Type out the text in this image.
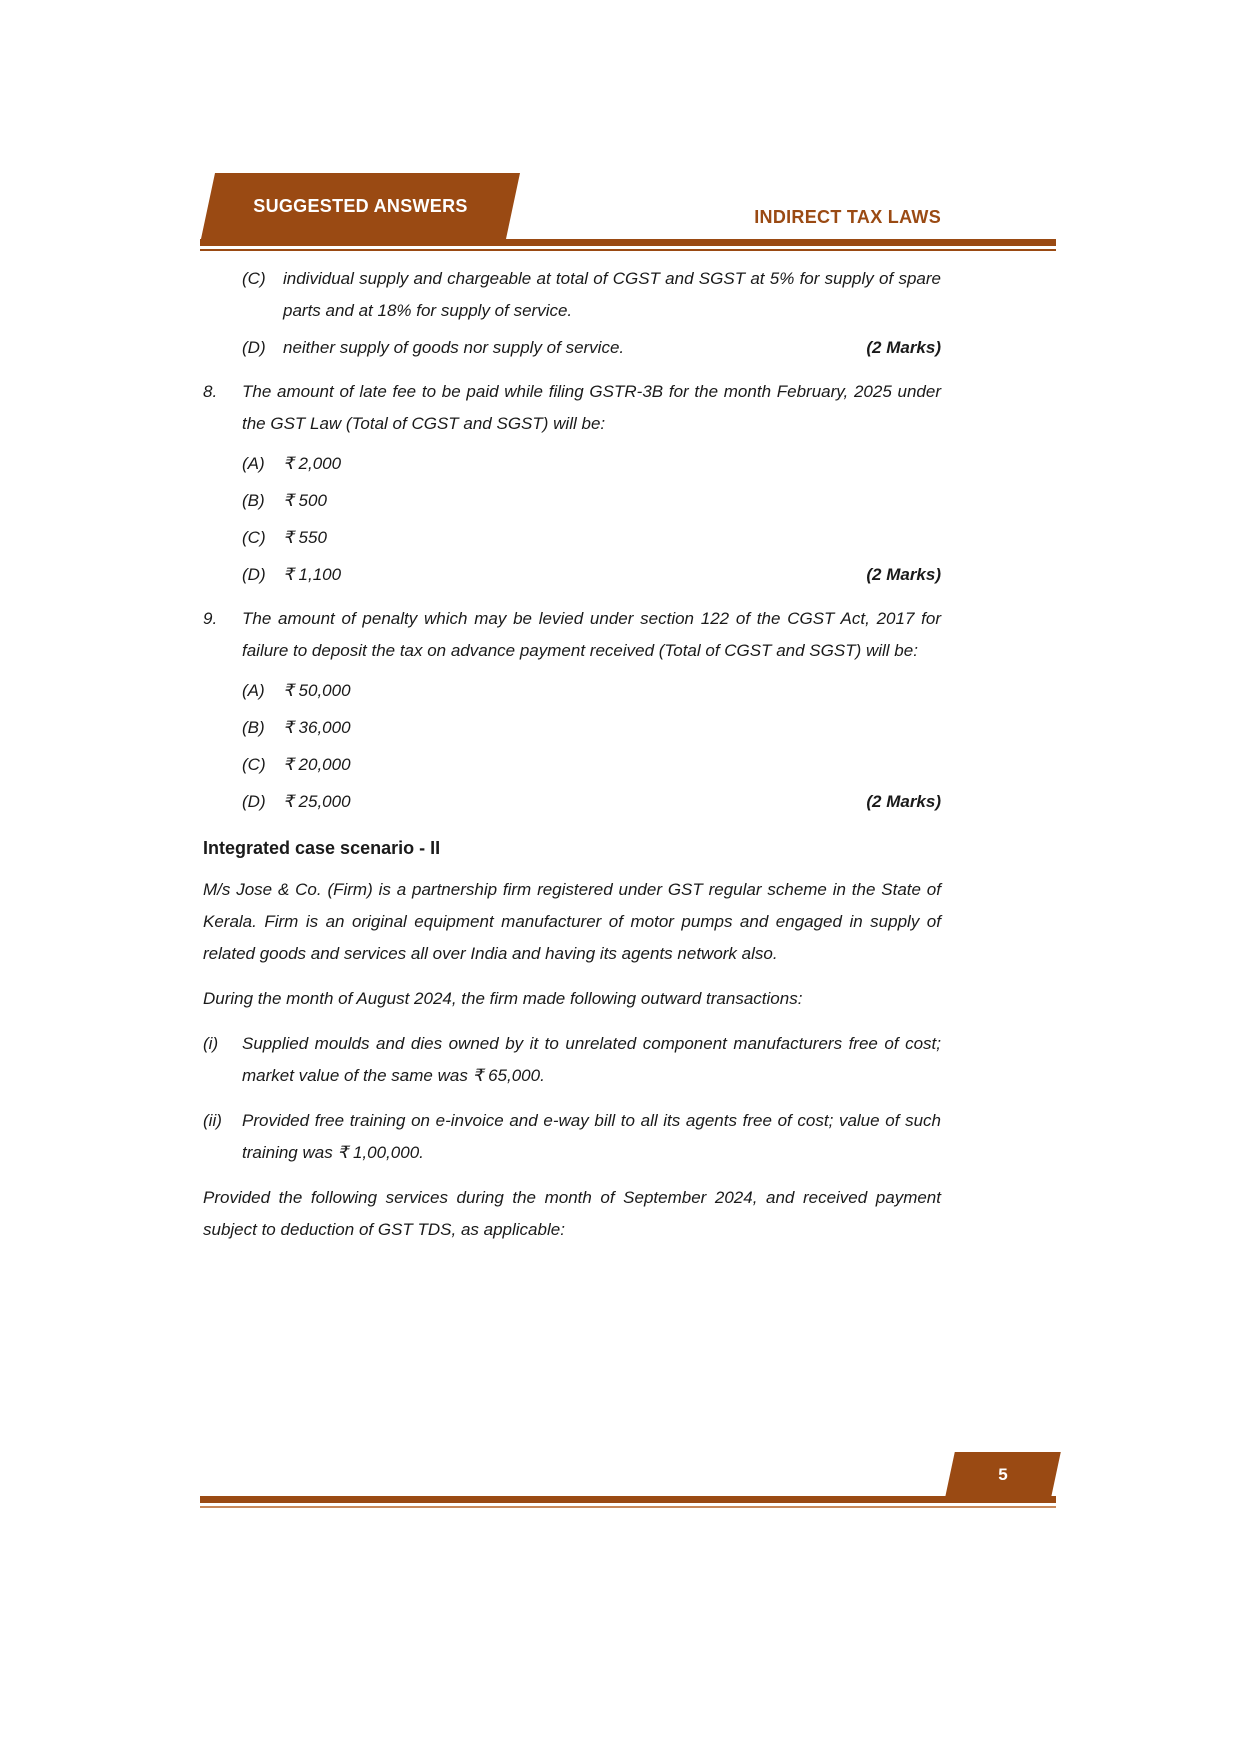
SUGGESTED ANSWERS
INDIRECT TAX LAWS
(C)	individual supply and chargeable at total of CGST and SGST at 5% for supply of spare parts and at 18% for supply of service.
(D)	neither supply of goods nor supply of service.	(2 Marks)
8.	The amount of late fee to be paid while filing GSTR-3B for the month February, 2025 under the GST Law (Total of CGST and SGST) will be:
(A)	₹ 2,000
(B)	₹ 500
(C)	₹ 550
(D)	₹ 1,100	(2 Marks)
9.	The amount of penalty which may be levied under section 122 of the CGST Act, 2017 for failure to deposit the tax on advance payment received (Total of CGST and SGST) will be:
(A)	₹ 50,000
(B)	₹ 36,000
(C)	₹ 20,000
(D)	₹ 25,000	(2 Marks)
Integrated case scenario - II

M/s Jose & Co. (Firm) is a partnership firm registered under GST regular scheme in the State of Kerala. Firm is an original equipment manufacturer of motor pumps and engaged in supply of related goods and services all over India and having its agents network also.

During the month of August 2024, the firm made following outward transactions:

(i)	Supplied moulds and dies owned by it to unrelated component manufacturers free of cost; market value of the same was ₹ 65,000.
(ii)	Provided free training on e-invoice and e-way bill to all its agents free of cost; value of such training was ₹ 1,00,000.

Provided the following services during the month of September 2024, and received payment subject to deduction of GST TDS, as applicable:

5
